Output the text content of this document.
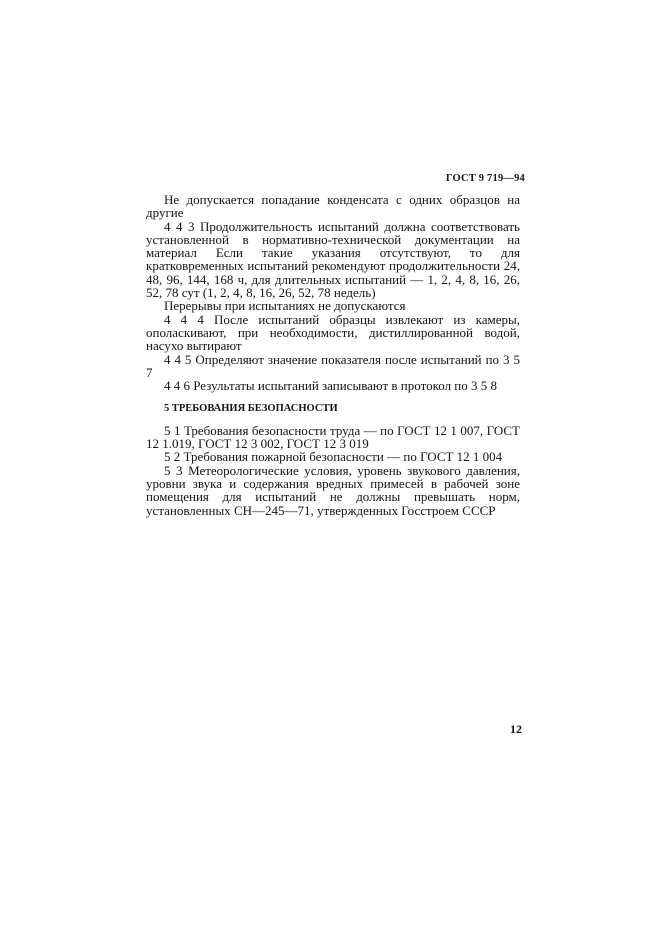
ГОСТ 9 719—94

Не допускается попадание конденсата с одних образцов на другие

4 4 3 Продолжительность испытаний должна соответствовать установленной в нормативно-технической документации на материал Если такие указания отсутствуют, то для кратковременных испытаний рекомендуют продолжительности 24, 48, 96, 144, 168 ч, для длительных испытаний — 1, 2, 4, 8, 16, 26, 52, 78 сут (1, 2, 4, 8, 16, 26, 52, 78 недель)

Перерывы при испытаниях не допускаются

4 4 4 После испытаний образцы извлекают из камеры, ополаскивают, при необходимости, дистиллированной водой, насухо вытирают

4 4 5 Определяют значение показателя после испытаний по 3 5 7

4 4 6 Результаты испытаний записывают в протокол по 3 5 8

5 ТРЕБОВАНИЯ БЕЗОПАСНОСТИ

5 1 Требования безопасности труда — по ГОСТ 12 1 007, ГОСТ 12 1.019, ГОСТ 12 3 002, ГОСТ 12 3 019

5 2 Требования пожарной безопасности — по ГОСТ 12 1 004

5 3 Метеорологические условия, уровень звукового давления, уровни звука и содержания вредных примесей в рабочей зоне помещения для испытаний не должны превышать норм, установленных СН—245—71, утвержденных Госстроем СССР

12
